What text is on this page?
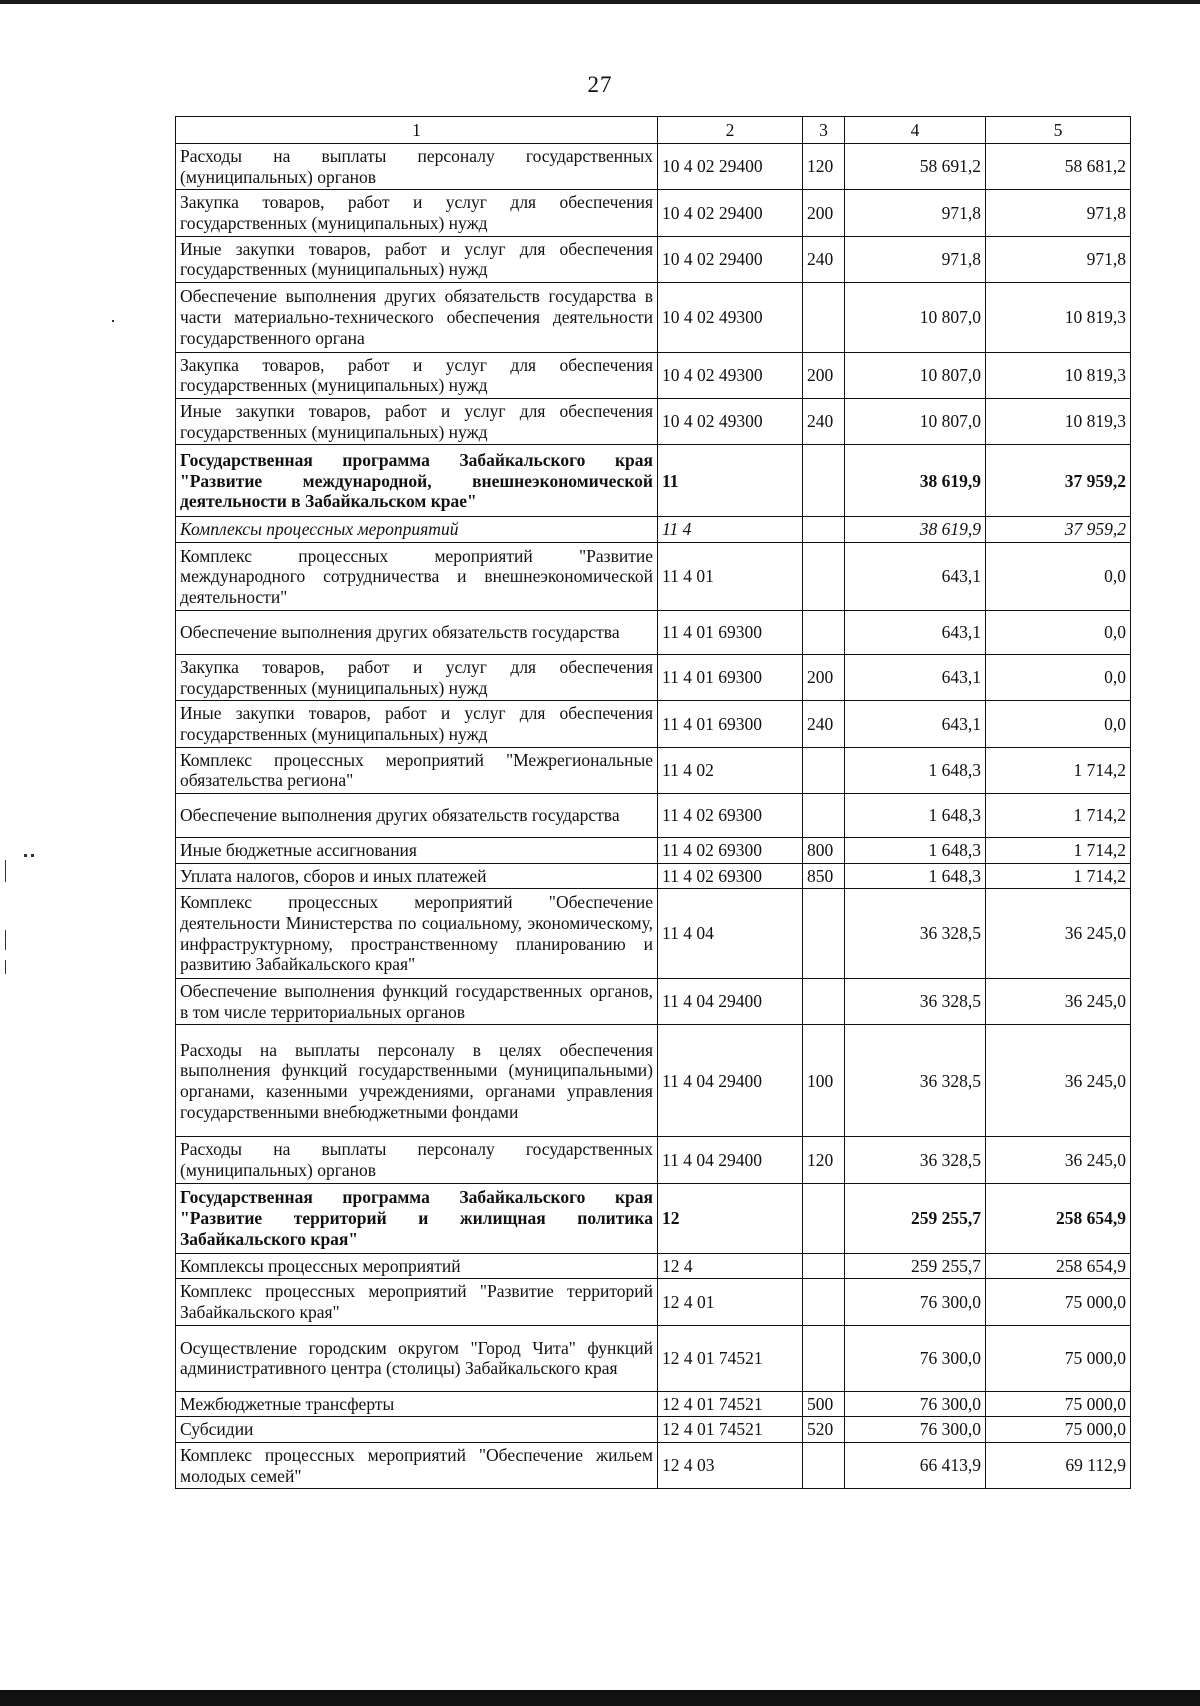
27
1	2	3	4	5
Расходы на выплаты персоналу государственных (муниципальных) органов	10 4 02 29400	120	58 691,2	58 681,2
Закупка товаров, работ и услуг для обеспечения государственных (муниципальных) нужд	10 4 02 29400	200	971,8	971,8
Иные закупки товаров, работ и услуг для обеспечения государственных (муниципальных) нужд	10 4 02 29400	240	971,8	971,8
Обеспечение выполнения других обязательств государства в части материально-технического обеспечения деятельности государственного органа	10 4 02 49300		10 807,0	10 819,3
Закупка товаров, работ и услуг для обеспечения государственных (муниципальных) нужд	10 4 02 49300	200	10 807,0	10 819,3
Иные закупки товаров, работ и услуг для обеспечения государственных (муниципальных) нужд	10 4 02 49300	240	10 807,0	10 819,3
Государственная программа Забайкальского края "Развитие международной, внешнеэкономической деятельности в Забайкальском крае"	11		38 619,9	37 959,2
Комплексы процессных мероприятий	11 4		38 619,9	37 959,2
Комплекс процессных мероприятий "Развитие международного сотрудничества и внешнеэкономической деятельности"	11 4 01		643,1	0,0
Обеспечение выполнения других обязательств государства	11 4 01 69300		643,1	0,0
Закупка товаров, работ и услуг для обеспечения государственных (муниципальных) нужд	11 4 01 69300	200	643,1	0,0
Иные закупки товаров, работ и услуг для обеспечения государственных (муниципальных) нужд	11 4 01 69300	240	643,1	0,0
Комплекс процессных мероприятий "Межрегиональные обязательства региона"	11 4 02		1 648,3	1 714,2
Обеспечение выполнения других обязательств государства	11 4 02 69300		1 648,3	1 714,2
Иные бюджетные ассигнования	11 4 02 69300	800	1 648,3	1 714,2
Уплата налогов, сборов и иных платежей	11 4 02 69300	850	1 648,3	1 714,2
Комплекс процессных мероприятий "Обеспечение деятельности Министерства по социальному, экономическому, инфраструктурному, пространственному планированию и развитию Забайкальского края"	11 4 04		36 328,5	36 245,0
Обеспечение выполнения функций государственных органов, в том числе территориальных органов	11 4 04 29400		36 328,5	36 245,0
Расходы на выплаты персоналу в целях обеспечения выполнения функций государственными (муниципальными) органами, казенными учреждениями, органами управления государственными внебюджетными фондами	11 4 04 29400	100	36 328,5	36 245,0
Расходы на выплаты персоналу государственных (муниципальных) органов	11 4 04 29400	120	36 328,5	36 245,0
Государственная программа Забайкальского края "Развитие территорий и жилищная политика Забайкальского края"	12		259 255,7	258 654,9
Комплексы процессных мероприятий	12 4		259 255,7	258 654,9
Комплекс процессных мероприятий "Развитие территорий Забайкальского края"	12 4 01		76 300,0	75 000,0
Осуществление городским округом "Город Чита" функций административного центра (столицы) Забайкальского края	12 4 01 74521		76 300,0	75 000,0
Межбюджетные трансферты	12 4 01 74521	500	76 300,0	75 000,0
Субсидии	12 4 01 74521	520	76 300,0	75 000,0
Комплекс процессных мероприятий "Обеспечение жильем молодых семей"	12 4 03		66 413,9	69 112,9
